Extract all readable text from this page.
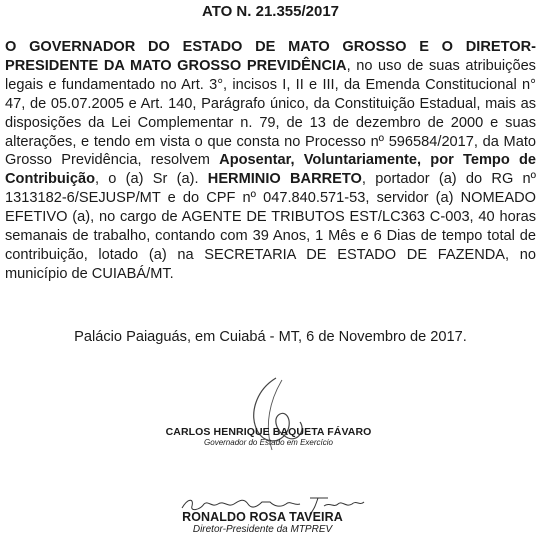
ATO N. 21.355/2017
O GOVERNADOR DO ESTADO DE MATO GROSSO E O DIRETOR-PRESIDENTE DA MATO GROSSO PREVIDÊNCIA, no uso de suas atribuições legais e fundamentado no Art. 3°, incisos I, II e III, da Emenda Constitucional n° 47, de 05.07.2005 e Art. 140, Parágrafo único, da Constituição Estadual, mais as disposições da Lei Complementar n. 79, de 13 de dezembro de 2000 e suas alterações, e tendo em vista o que consta no Processo nº 596584/2017, da Mato Grosso Previdência, resolvem Aposentar, Voluntariamente, por Tempo de Contribuição, o (a) Sr (a). HERMINIO BARRETO, portador (a) do RG nº 1313182-6/SEJUSP/MT e do CPF nº 047.840.571-53, servidor (a) NOMEADO EFETIVO (a), no cargo de AGENTE DE TRIBUTOS EST/LC363 C-003, 40 horas semanais de trabalho, contando com 39 Anos, 1 Mês e 6 Dias de tempo total de contribuição, lotado (a) na SECRETARIA DE ESTADO DE FAZENDA, no município de CUIABÁ/MT.
Palácio Paiaguás, em Cuiabá - MT, 6 de Novembro de 2017.
CARLOS HENRIQUE BAQUETA FÁVARO
Governador do Estado em Exercício
RONALDO ROSA TAVEIRA
Diretor-Presidente da MTPREV
